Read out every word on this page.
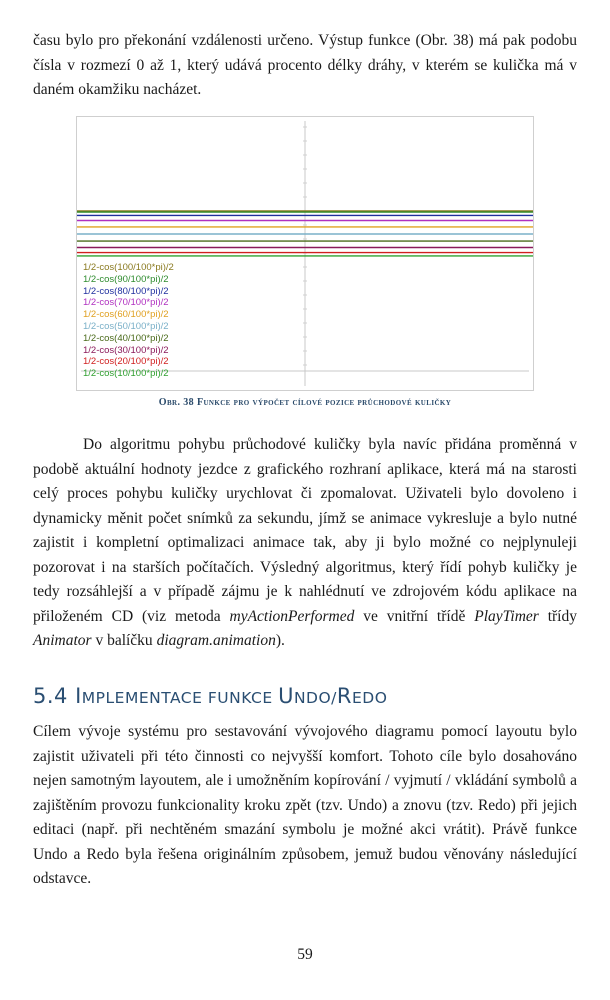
času bylo pro překonání vzdálenosti určeno. Výstup funkce (Obr. 38) má pak podobu čísla v rozmezí 0 až 1, který udává procento délky dráhy, v kterém se kulička má v daném okamžiku nacházet.

1/2-cos(100/100*pi)/2
1/2-cos(90/100*pi)/2
1/2-cos(80/100*pi)/2
1/2-cos(70/100*pi)/2
1/2-cos(60/100*pi)/2
1/2-cos(50/100*pi)/2
1/2-cos(40/100*pi)/2
1/2-cos(30/100*pi)/2
1/2-cos(20/100*pi)/2
1/2-cos(10/100*pi)/2
Obr. 38 Funkce pro výpočet cílové pozice průchodové kuličky

Do algoritmu pohybu průchodové kuličky byla navíc přidána proměnná v podobě aktuální hodnoty jezdce z grafického rozhraní aplikace, která má na starosti celý proces pohybu kuličky urychlovat či zpomalovat. Uživateli bylo dovoleno i dynamicky měnit počet snímků za sekundu, jímž se animace vykresluje a bylo nutné zajistit i kompletní optimalizaci animace tak, aby ji bylo možné co nejplynuleji pozorovat i na starších počítačích. Výsledný algoritmus, který řídí pohyb kuličky je tedy rozsáhlejší a v případě zájmu je k nahlédnutí ve zdrojovém kódu aplikace na přiloženém CD (viz metoda myActionPerformed ve vnitřní třídě PlayTimer třídy Animator v balíčku diagram.animation).

5.4 IMPLEMENTACE FUNKCE UNDO/REDO

Cílem vývoje systému pro sestavování vývojového diagramu pomocí layoutu bylo zajistit uživateli při této činnosti co nejvyšší komfort. Tohoto cíle bylo dosahováno nejen samotným layoutem, ale i umožněním kopírování / vyjmutí / vkládání symbolů a zajištěním provozu funkcionality kroku zpět (tzv. Undo) a znovu (tzv. Redo) při jejich editaci (např. při nechtěném smazání symbolu je možné akci vrátit). Právě funkce Undo a Redo byla řešena originálním způsobem, jemuž budou věnovány následující odstavce.

59
